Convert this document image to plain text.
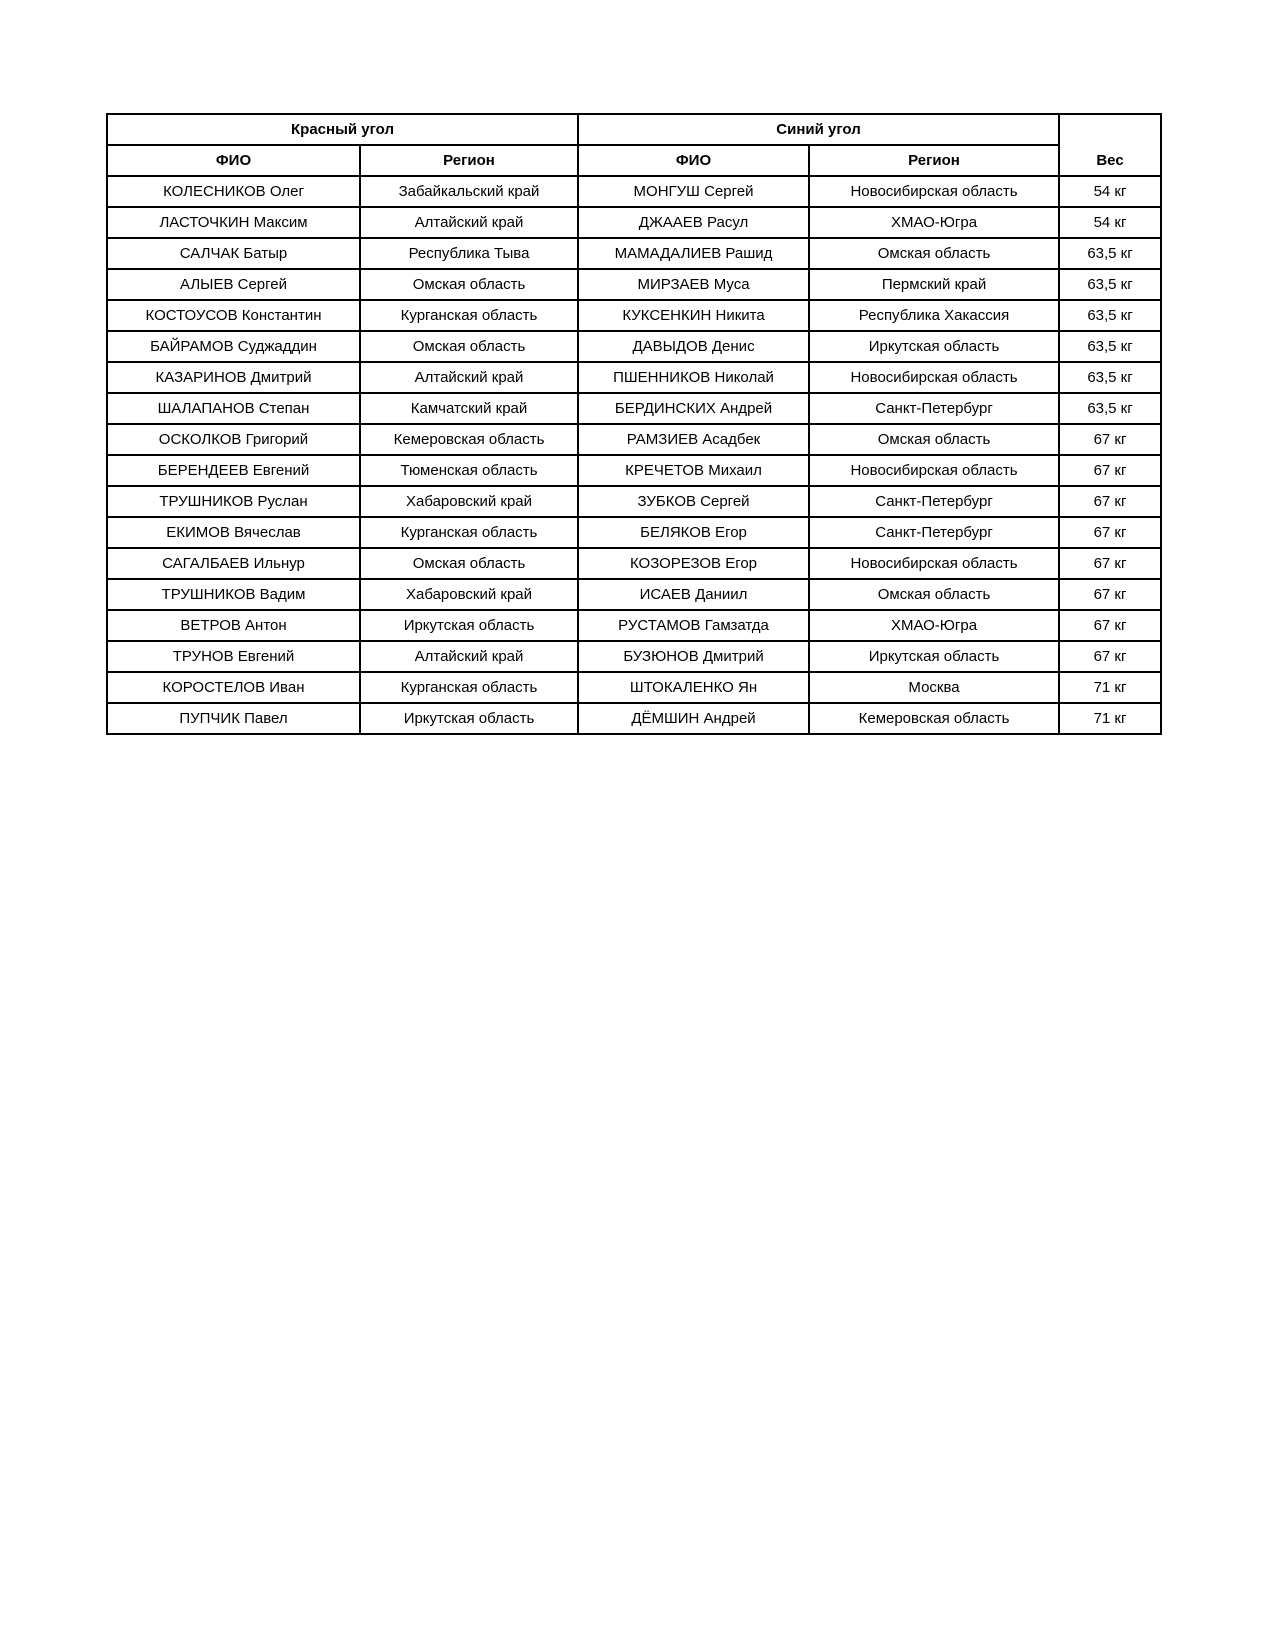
Красный угол		Синий угол		Вес
ФИО	Регион	ФИО	Регион	
КОЛЕСНИКОВ Олег	Забайкальский край	МОНГУШ Сергей	Новосибирская область	54 кг
ЛАСТОЧКИН Максим	Алтайский край	ДЖААЕВ Расул	ХМАО-Югра	54 кг
САЛЧАК Батыр	Республика Тыва	МАМАДАЛИЕВ Рашид	Омская область	63,5 кг
АЛЫЕВ Сергей	Омская область	МИРЗАЕВ Муса	Пермский край	63,5 кг
КОСТОУСОВ Константин	Курганская область	КУКСЕНКИН Никита	Республика Хакассия	63,5 кг
БАЙРАМОВ Суджаддин	Омская область	ДАВЫДОВ Денис	Иркутская область	63,5 кг
КАЗАРИНОВ Дмитрий	Алтайский край	ПШЕННИКОВ Николай	Новосибирская область	63,5 кг
ШАЛАПАНОВ Степан	Камчатский край	БЕРДИНСКИХ Андрей	Санкт-Петербург	63,5 кг
ОСКОЛКОВ Григорий	Кемеровская область	РАМЗИЕВ Асадбек	Омская область	67 кг
БЕРЕНДЕЕВ Евгений	Тюменская область	КРЕЧЕТОВ Михаил	Новосибирская область	67 кг
ТРУШНИКОВ Руслан	Хабаровский край	ЗУБКОВ Сергей	Санкт-Петербург	67 кг
ЕКИМОВ Вячеслав	Курганская область	БЕЛЯКОВ Егор	Санкт-Петербург	67 кг
САГАЛБАЕВ Ильнур	Омская область	КОЗОРЕЗОВ Егор	Новосибирская область	67 кг
ТРУШНИКОВ Вадим	Хабаровский край	ИСАЕВ Даниил	Омская область	67 кг
ВЕТРОВ Антон	Иркутская область	РУСТАМОВ Гамзатда	ХМАО-Югра	67 кг
ТРУНОВ Евгений	Алтайский край	БУЗЮНОВ Дмитрий	Иркутская область	67 кг
КОРОСТЕЛОВ Иван	Курганская область	ШТОКАЛЕНКО Ян	Москва	71 кг
ПУПЧИК Павел	Иркутская область	ДЁМШИН Андрей	Кемеровская область	71 кг
